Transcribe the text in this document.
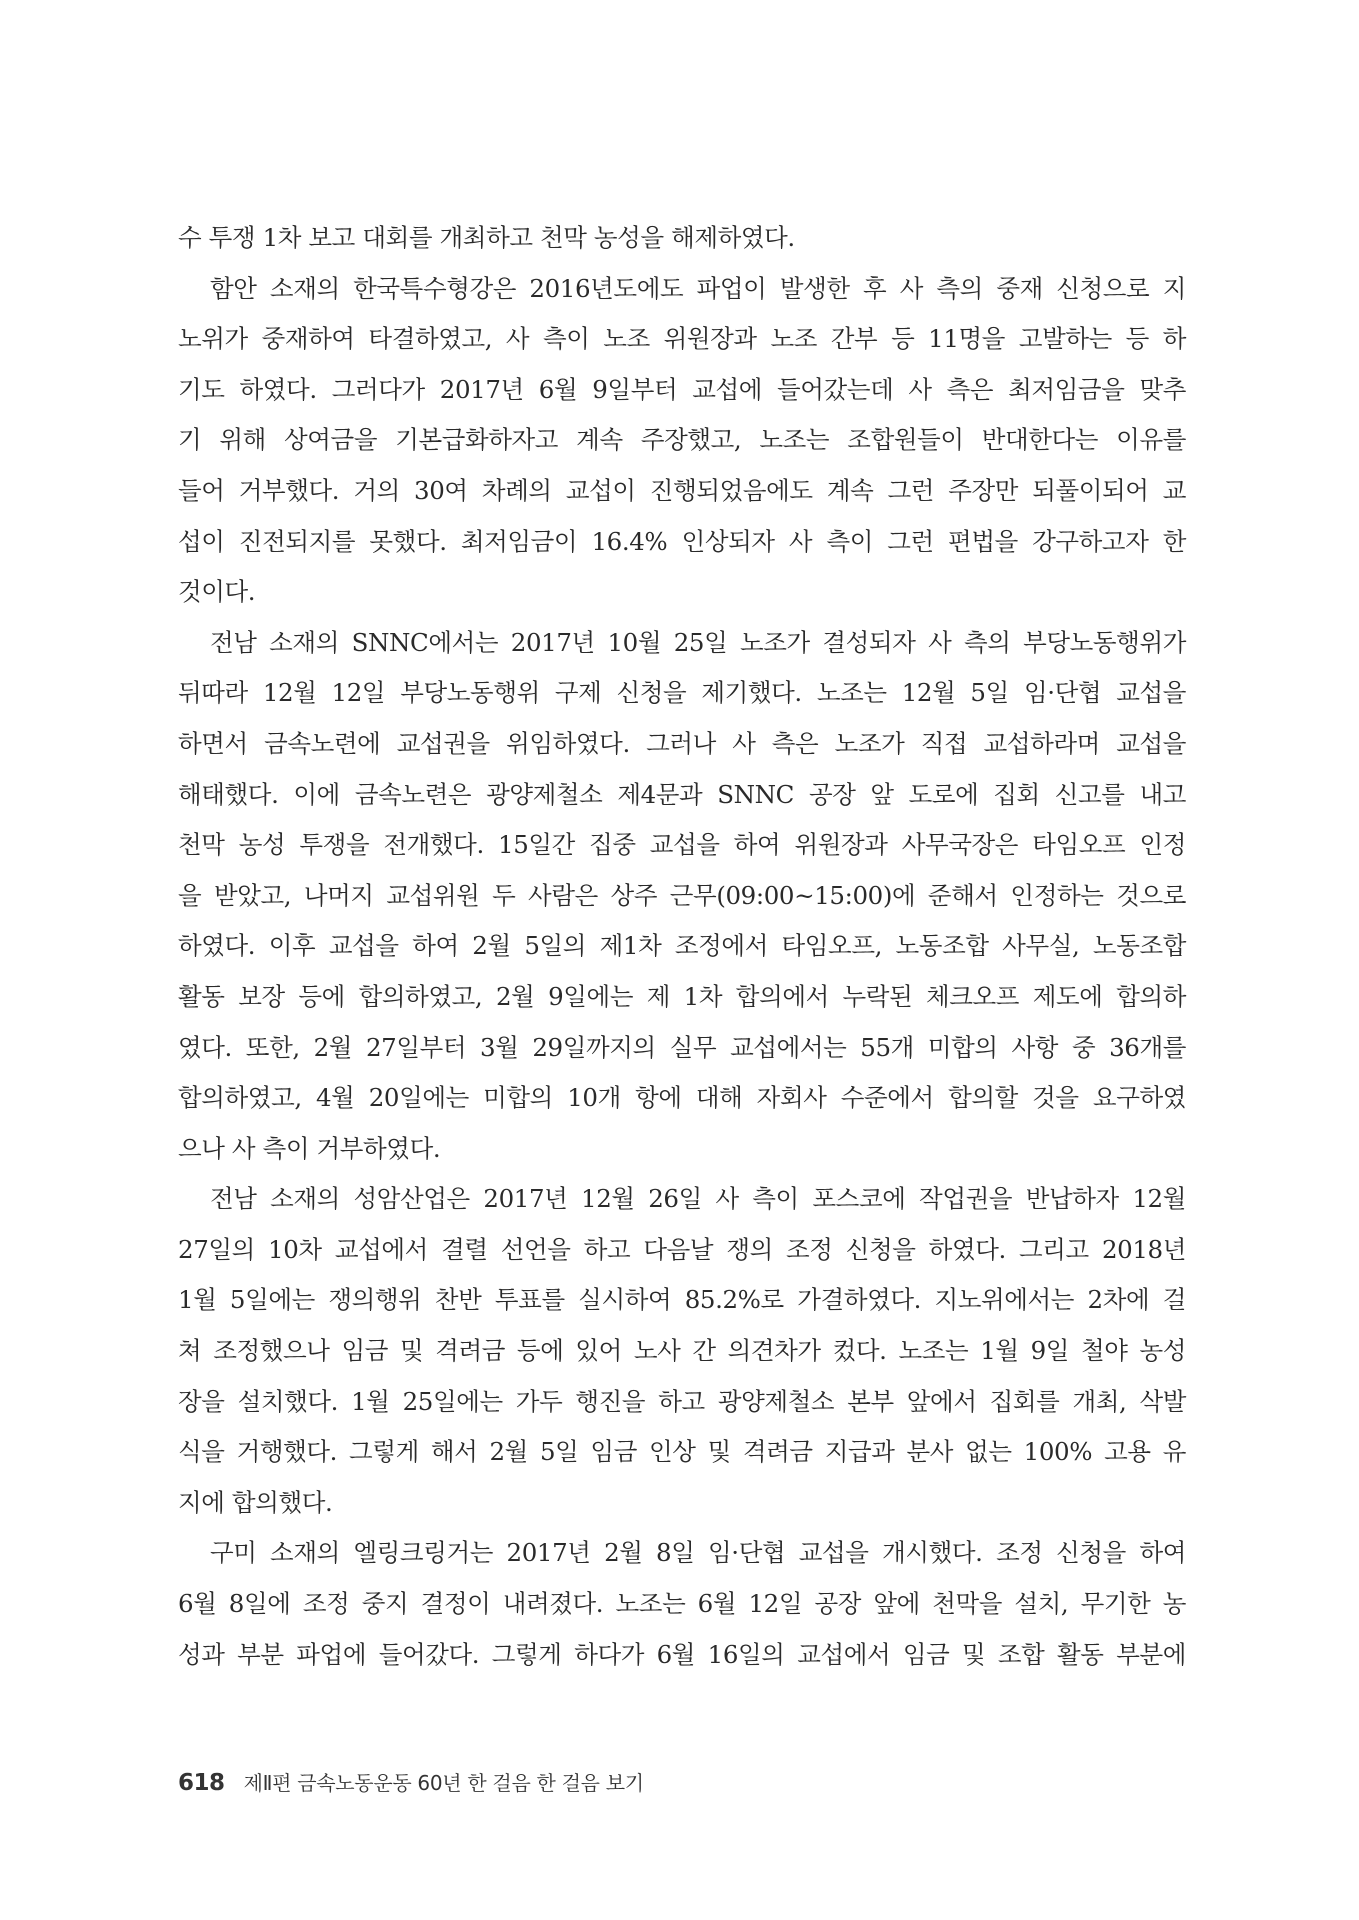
수 투쟁 1차 보고 대회를 개최하고 천막 농성을 해제하였다.
함안 소재의 한국특수형강은 2016년도에도 파업이 발생한 후 사 측의 중재 신청으로 지
노위가 중재하여 타결하였고, 사 측이 노조 위원장과 노조 간부 등 11명을 고발하는 등 하
기도 하였다. 그러다가 2017년 6월 9일부터 교섭에 들어갔는데 사 측은 최저임금을 맞추
기 위해 상여금을 기본급화하자고 계속 주장했고, 노조는 조합원들이 반대한다는 이유를
들어 거부했다. 거의 30여 차례의 교섭이 진행되었음에도 계속 그런 주장만 되풀이되어 교
섭이 진전되지를 못했다. 최저임금이 16.4% 인상되자 사 측이 그런 편법을 강구하고자 한
것이다.
전남 소재의 SNNC에서는 2017년 10월 25일 노조가 결성되자 사 측의 부당노동행위가
뒤따라 12월 12일 부당노동행위 구제 신청을 제기했다. 노조는 12월 5일 임·단협 교섭을
하면서 금속노련에 교섭권을 위임하였다. 그러나 사 측은 노조가 직접 교섭하라며 교섭을
해태했다. 이에 금속노련은 광양제철소 제4문과 SNNC 공장 앞 도로에 집회 신고를 내고
천막 농성 투쟁을 전개했다. 15일간 집중 교섭을 하여 위원장과 사무국장은 타임오프 인정
을 받았고, 나머지 교섭위원 두 사람은 상주 근무(09:00~15:00)에 준해서 인정하는 것으로
하였다. 이후 교섭을 하여 2월 5일의 제1차 조정에서 타임오프, 노동조합 사무실, 노동조합
활동 보장 등에 합의하였고, 2월 9일에는 제 1차 합의에서 누락된 체크오프 제도에 합의하
였다. 또한, 2월 27일부터 3월 29일까지의 실무 교섭에서는 55개 미합의 사항 중 36개를
합의하였고, 4월 20일에는 미합의 10개 항에 대해 자회사 수준에서 합의할 것을 요구하였
으나 사 측이 거부하였다.
전남 소재의 성암산업은 2017년 12월 26일 사 측이 포스코에 작업권을 반납하자 12월
27일의 10차 교섭에서 결렬 선언을 하고 다음날 쟁의 조정 신청을 하였다. 그리고 2018년
1월 5일에는 쟁의행위 찬반 투표를 실시하여 85.2%로 가결하였다. 지노위에서는 2차에 걸
쳐 조정했으나 임금 및 격려금 등에 있어 노사 간 의견차가 컸다. 노조는 1월 9일 철야 농성
장을 설치했다. 1월 25일에는 가두 행진을 하고 광양제철소 본부 앞에서 집회를 개최, 삭발
식을 거행했다. 그렇게 해서 2월 5일 임금 인상 및 격려금 지급과 분사 없는 100% 고용 유
지에 합의했다.
구미 소재의 엘링크링거는 2017년 2월 8일 임·단협 교섭을 개시했다. 조정 신청을 하여
6월 8일에 조정 중지 결정이 내려졌다. 노조는 6월 12일 공장 앞에 천막을 설치, 무기한 농
성과 부분 파업에 들어갔다. 그렇게 하다가 6월 16일의 교섭에서 임금 및 조합 활동 부분에
618 제Ⅱ편 금속노동운동 60년 한 걸음 한 걸음 보기
